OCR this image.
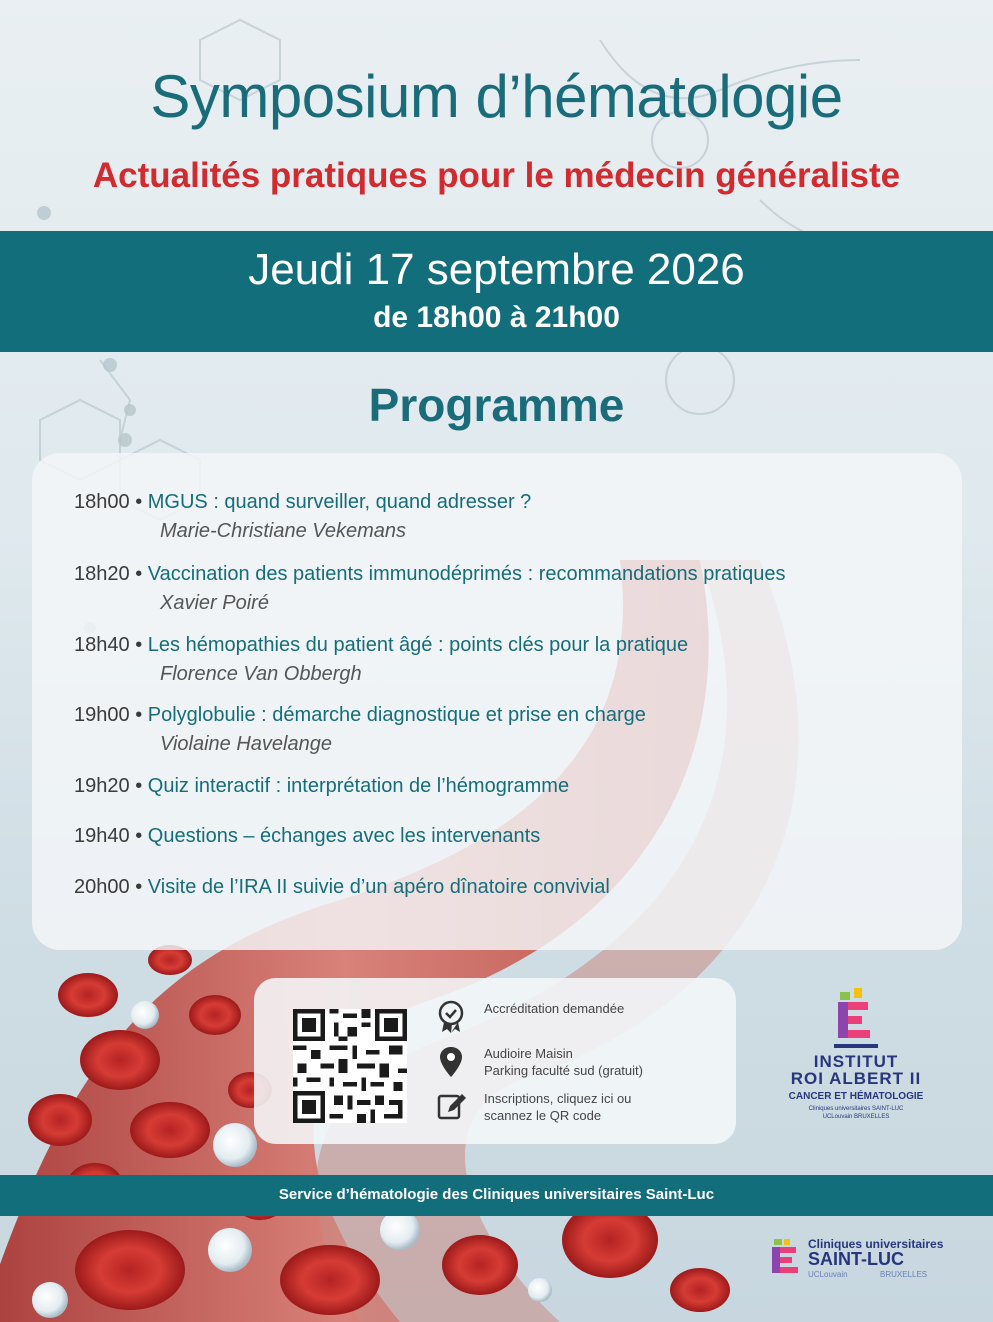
Symposium d’hématologie
Actualités pratiques pour le médecin généraliste
Jeudi 17 septembre 2026
de 18h00 à 21h00
Programme
18h00 • MGUS : quand surveiller, quand adresser ?
Marie-Christiane Vekemans
18h20 • Vaccination des patients immunodéprimés : recommandations pratiques
Xavier Poiré
18h40 • Les hémopathies du patient âgé : points clés pour la pratique
Florence Van Obbergh
19h00 • Polyglobulie : démarche diagnostique et prise en charge
Violaine Havelange
19h20 • Quiz interactif : interprétation de l’hémogramme
19h40 • Questions – échanges avec les intervenants
20h00 • Visite de l’IRA II suivie d’un apéro dînatoire convivial
Accréditation demandée
Audioire Maisin
Parking faculté sud (gratuit)
Inscriptions, cliquez ici ou
scannez le QR code
INSTITUT
ROI ALBERT II
CANCER ET HÉMATOLOGIE
Cliniques universitaires SAINT-LUC
UCLouvain BRUXELLES
Service d’hématologie des Cliniques universitaires Saint-Luc
Cliniques universitaires
SAINT-LUC
UCLouvain	BRUXELLES
